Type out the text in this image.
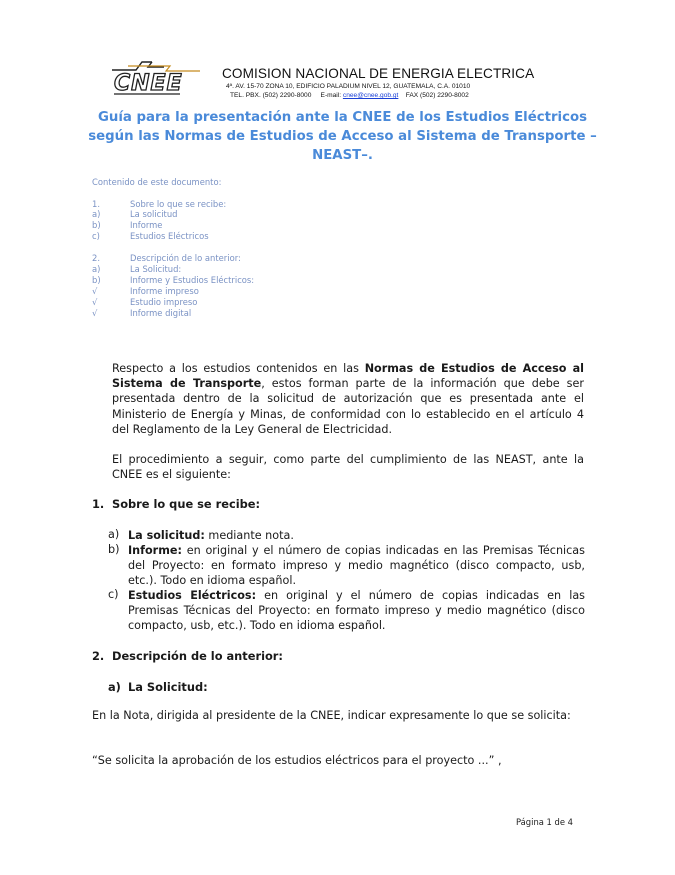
CNEE	COMISION NACIONAL DE ENERGIA ELECTRICA
4ª. AV. 15-70 ZONA 10, EDIFICIO PALADIUM NIVEL 12, GUATEMALA, C.A. 01010
TEL. PBX. (502) 2290-8000 E-mail: cnee@cnee.gob.gt FAX (502) 2290-8002
Guía para la presentación ante la CNEE de los Estudios Eléctricos
según las Normas de Estudios de Acceso al Sistema de Transporte –
NEAST–.
Contenido de este documento:
1.	Sobre lo que se recibe:
a)	La solicitud
b)	Informe
c)	Estudios Eléctricos
2.	Descripción de lo anterior:
a)	La Solicitud:
b)	Informe y Estudios Eléctricos:
√	Informe impreso
√	Estudio impreso
√	Informe digital
Respecto a los estudios contenidos en las Normas de Estudios de Acceso al Sistema de Transporte, estos forman parte de la información que debe ser presentada dentro de la solicitud de autorización que es presentada ante el Ministerio de Energía y Minas, de conformidad con lo establecido en el artículo 4 del Reglamento de la Ley General de Electricidad.
El procedimiento a seguir, como parte del cumplimiento de las NEAST, ante la CNEE es el siguiente:
1. Sobre lo que se recibe:
a) La solicitud: mediante nota.
b) Informe: en original y el número de copias indicadas en las Premisas Técnicas del Proyecto: en formato impreso y medio magnético (disco compacto, usb, etc.). Todo en idioma español.
c) Estudios Eléctricos: en original y el número de copias indicadas en las Premisas Técnicas del Proyecto: en formato impreso y medio magnético (disco compacto, usb, etc.). Todo en idioma español.
2. Descripción de lo anterior:
a) La Solicitud:
En la Nota, dirigida al presidente de la CNEE, indicar expresamente lo que se solicita:
“Se solicita la aprobación de los estudios eléctricos para el proyecto ...” ,
Página 1 de 4
